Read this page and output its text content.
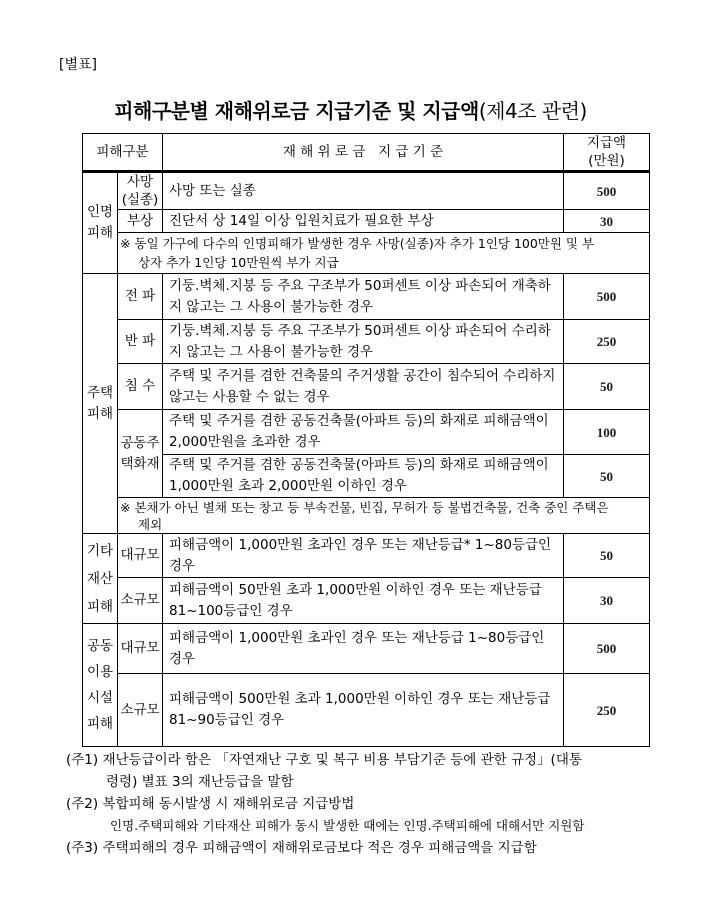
[별표]
피해구분별 재해위로금 지급기준 및 지급액(제4조 관련)
피해구분		재 해 위 로 금   지 급 기 준	지급액
(만원)
인명 피해	사망 (실종)	사망 또는 실종	500
	부상	진단서 상 14일 이상 입원치료가 필요한 부상	30
	※ 동일 가구에 다수의 인명피해가 발생한 경우 사망(실종)자 추가 1인당 100만원 및 부
상자 추가 1인당 10만원씩 부가 지급		

주택 피해	전 파	기둥.벽체.지붕 등 주요 구조부가 50퍼센트 이상 파손되어 개축하지 않고는 그 사용이 불가능한 경우	500
	반 파	기둥.벽체.지붕 등 주요 구조부가 50퍼센트 이상 파손되어 수리하지 않고는 그 사용이 불가능한 경우	250
	침 수	주택 및 주거를 겸한 건축물의 주거생활 공간이 침수되어 수리하지 않고는 사용할 수 없는 경우	50
	공동주 택화재	주택 및 주거를 겸한 공동건축물(아파트 등)의 화재로 피해금액이 2,000만원을 초과한 경우	100
		주택 및 주거를 겸한 공동건축물(아파트 등)의 화재로 피해금액이 1,000만원 초과 2,000만원 이하인 경우	50
	※ 본채가 아닌 별채 또는 창고 등 부속건물, 빈집, 무허가 등 불법건축물, 건축 중인 주택은
제외		

기타 재산 피해	대규모	피해금액이 1,000만원 초과인 경우 또는 재난등급* 1~80등급인 경우	50
	소규모	피해금액이 50만원 초과 1,000만원 이하인 경우 또는 재난등급 81~100등급인 경우	30
공동 이용 시설 피해	대규모	피해금액이 1,000만원 초과인 경우 또는 재난등급 1~80등급인 경우	500
	소규모	피해금액이 500만원 초과 1,000만원 이하인 경우 또는 재난등급 81~90등급인 경우	250
(주1) 재난등급이라 함은 「자연재난 구호 및 복구 비용 부담기준 등에 관한 규정」(대통
령령) 별표 3의 재난등급을 말함
(주2) 복합피해 동시발생 시 재해위로금 지급방법
인명.주택피해와 기타재산 피해가 동시 발생한 때에는 인명.주택피해에 대해서만 지원함
(주3) 주택피해의 경우 피해금액이 재해위로금보다 적은 경우 피해금액을 지급함
